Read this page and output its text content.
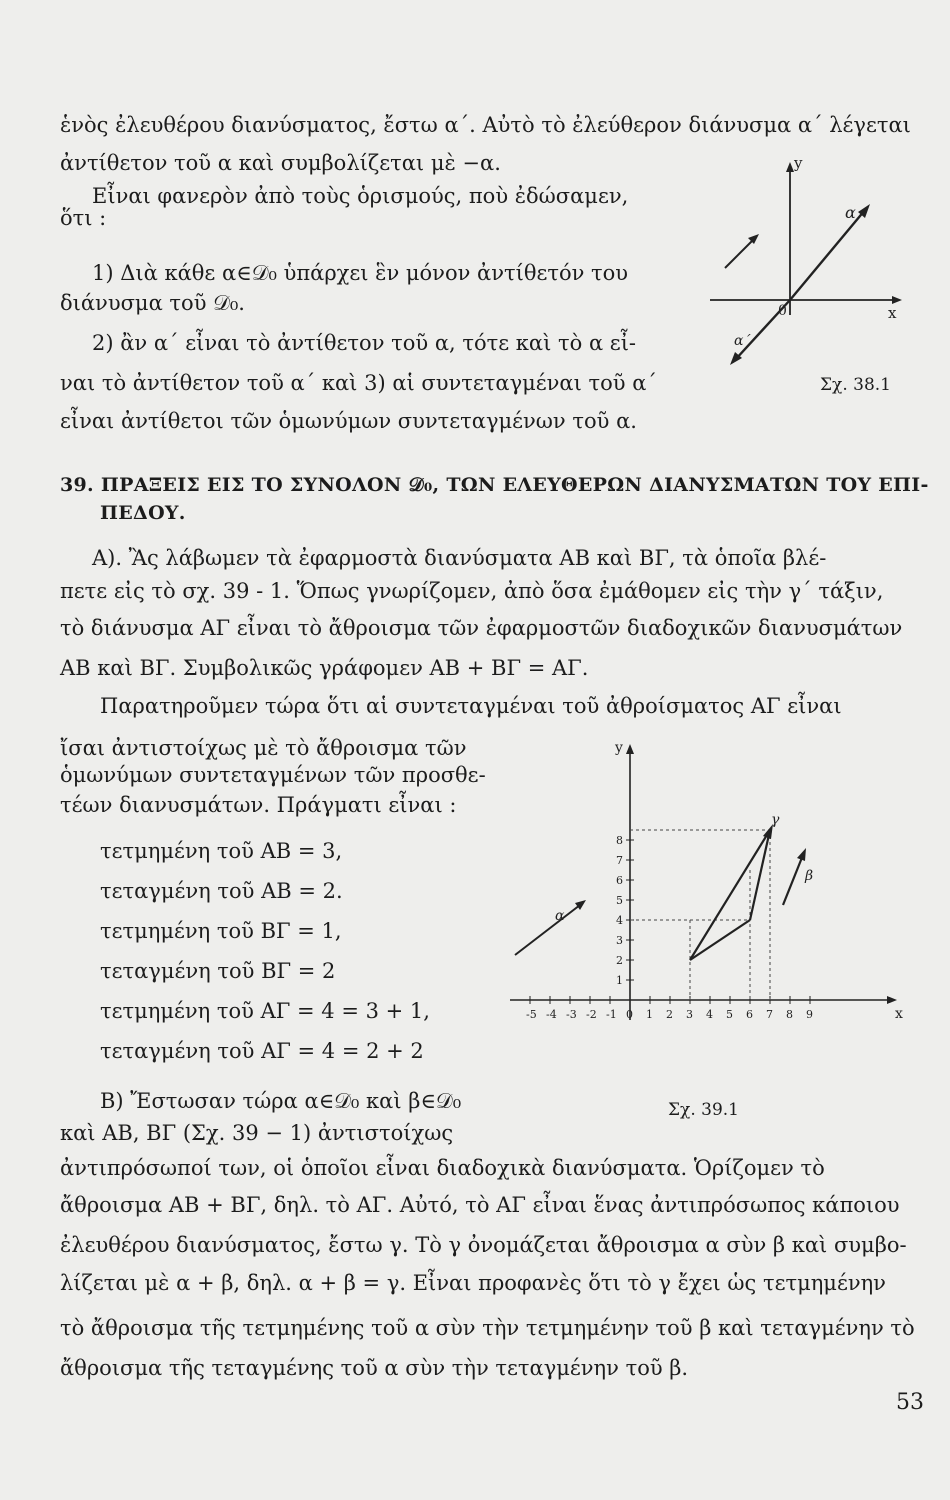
ἑνὸς ἐλευθέρου διανύσματος, ἔστω α΄. Αὐτὸ τὸ ἐλεύθερον διάνυσμα α΄ λέγεται
ἀντίθετον τοῦ α καὶ συμβολίζεται μὲ −α.
Εἶναι φανερὸν ἀπὸ τοὺς ὁρισμούς, ποὺ ἐδώσαμεν,
ὅτι :
1) Διὰ κάθε α∈𝒟₀ ὑπάρχει ἓν μόνον ἀντίθετόν του
διάνυσμα τοῦ 𝒟₀.
2) ἂν α΄ εἶναι τὸ ἀντίθετον τοῦ α, τότε καὶ τὸ α εἶ-
ναι τὸ ἀντίθετον τοῦ α΄ καὶ 3) αἱ συντεταγμέναι τοῦ α΄
εἶναι ἀντίθετοι τῶν ὁμωνύμων συντεταγμένων τοῦ α.
39. ΠΡΑΞΕΙΣ ΕΙΣ ΤΟ ΣΥΝΟΛΟΝ 𝒟₀, ΤΩΝ ΕΛΕΥΘΕΡΩΝ ΔΙΑΝΥΣΜΑΤΩΝ ΤΟΥ ΕΠΙ-
ΠΕΔΟΥ.
Α). Ἂς λάβωμεν τὰ ἐφαρμοστὰ διανύσματα ΑΒ καὶ ΒΓ, τὰ ὁποῖα βλέ-
πετε εἰς τὸ σχ. 39 - 1. Ὅπως γνωρίζομεν, ἀπὸ ὅσα ἐμάθομεν εἰς τὴν γ΄ τάξιν,
τὸ διάνυσμα ΑΓ εἶναι τὸ ἄθροισμα τῶν ἐφαρμοστῶν διαδοχικῶν διανυσμάτων
ΑΒ καὶ ΒΓ. Συμβολικῶς γράφομεν ΑΒ + ΒΓ = ΑΓ.
Παρατηροῦμεν τώρα ὅτι αἱ συντεταγμέναι τοῦ ἀθροίσματος ΑΓ εἶναι
ἴσαι ἀντιστοίχως μὲ τὸ ἄθροισμα τῶν
ὁμωνύμων συντεταγμένων τῶν προσθε-
τέων διανυσμάτων. Πράγματι εἶναι :
τετμημένη τοῦ ΑΒ = 3,
τεταγμένη τοῦ ΑΒ = 2.
τετμημένη τοῦ ΒΓ = 1,
τεταγμένη τοῦ ΒΓ = 2
τετμημένη τοῦ ΑΓ = 4 = 3 + 1,
τεταγμένη τοῦ ΑΓ = 4 = 2 + 2
Β) Ἔστωσαν τώρα α∈𝒟₀ καὶ β∈𝒟₀
καὶ ΑΒ, ΒΓ (Σχ. 39 − 1) ἀντιστοίχως
ἀντιπρόσωποί των, οἱ ὁποῖοι εἶναι διαδοχικὰ διανύσματα. Ὁρίζομεν τὸ
ἄθροισμα ΑΒ + ΒΓ, δηλ. τὸ ΑΓ. Αὐτό, τὸ ΑΓ εἶναι ἕνας ἀντιπρόσωπος κάποιου
ἐλευθέρου διανύσματος, ἔστω γ. Τὸ γ ὀνομάζεται ἄθροισμα α σὺν β καὶ συμβο-
λίζεται μὲ α + β, δηλ. α + β = γ. Εἶναι προφανὲς ὅτι τὸ γ ἔχει ὡς τετμημένην
τὸ ἄθροισμα τῆς τετμημένης τοῦ α σὺν τὴν τετμημένην τοῦ β καὶ τεταγμένην τὸ
ἄθροισμα τῆς τεταγμένης τοῦ α σὺν τὴν τεταγμένην τοῦ β.
y
x
0
α
α΄
Σχ. 38.1
-5 -4 -3 -2 -1 0 1 2 3 4 5 6 7 8 9
1
2
3
4
5
6
7
8
y
x
α
γ
β
Σχ. 39.1
53
